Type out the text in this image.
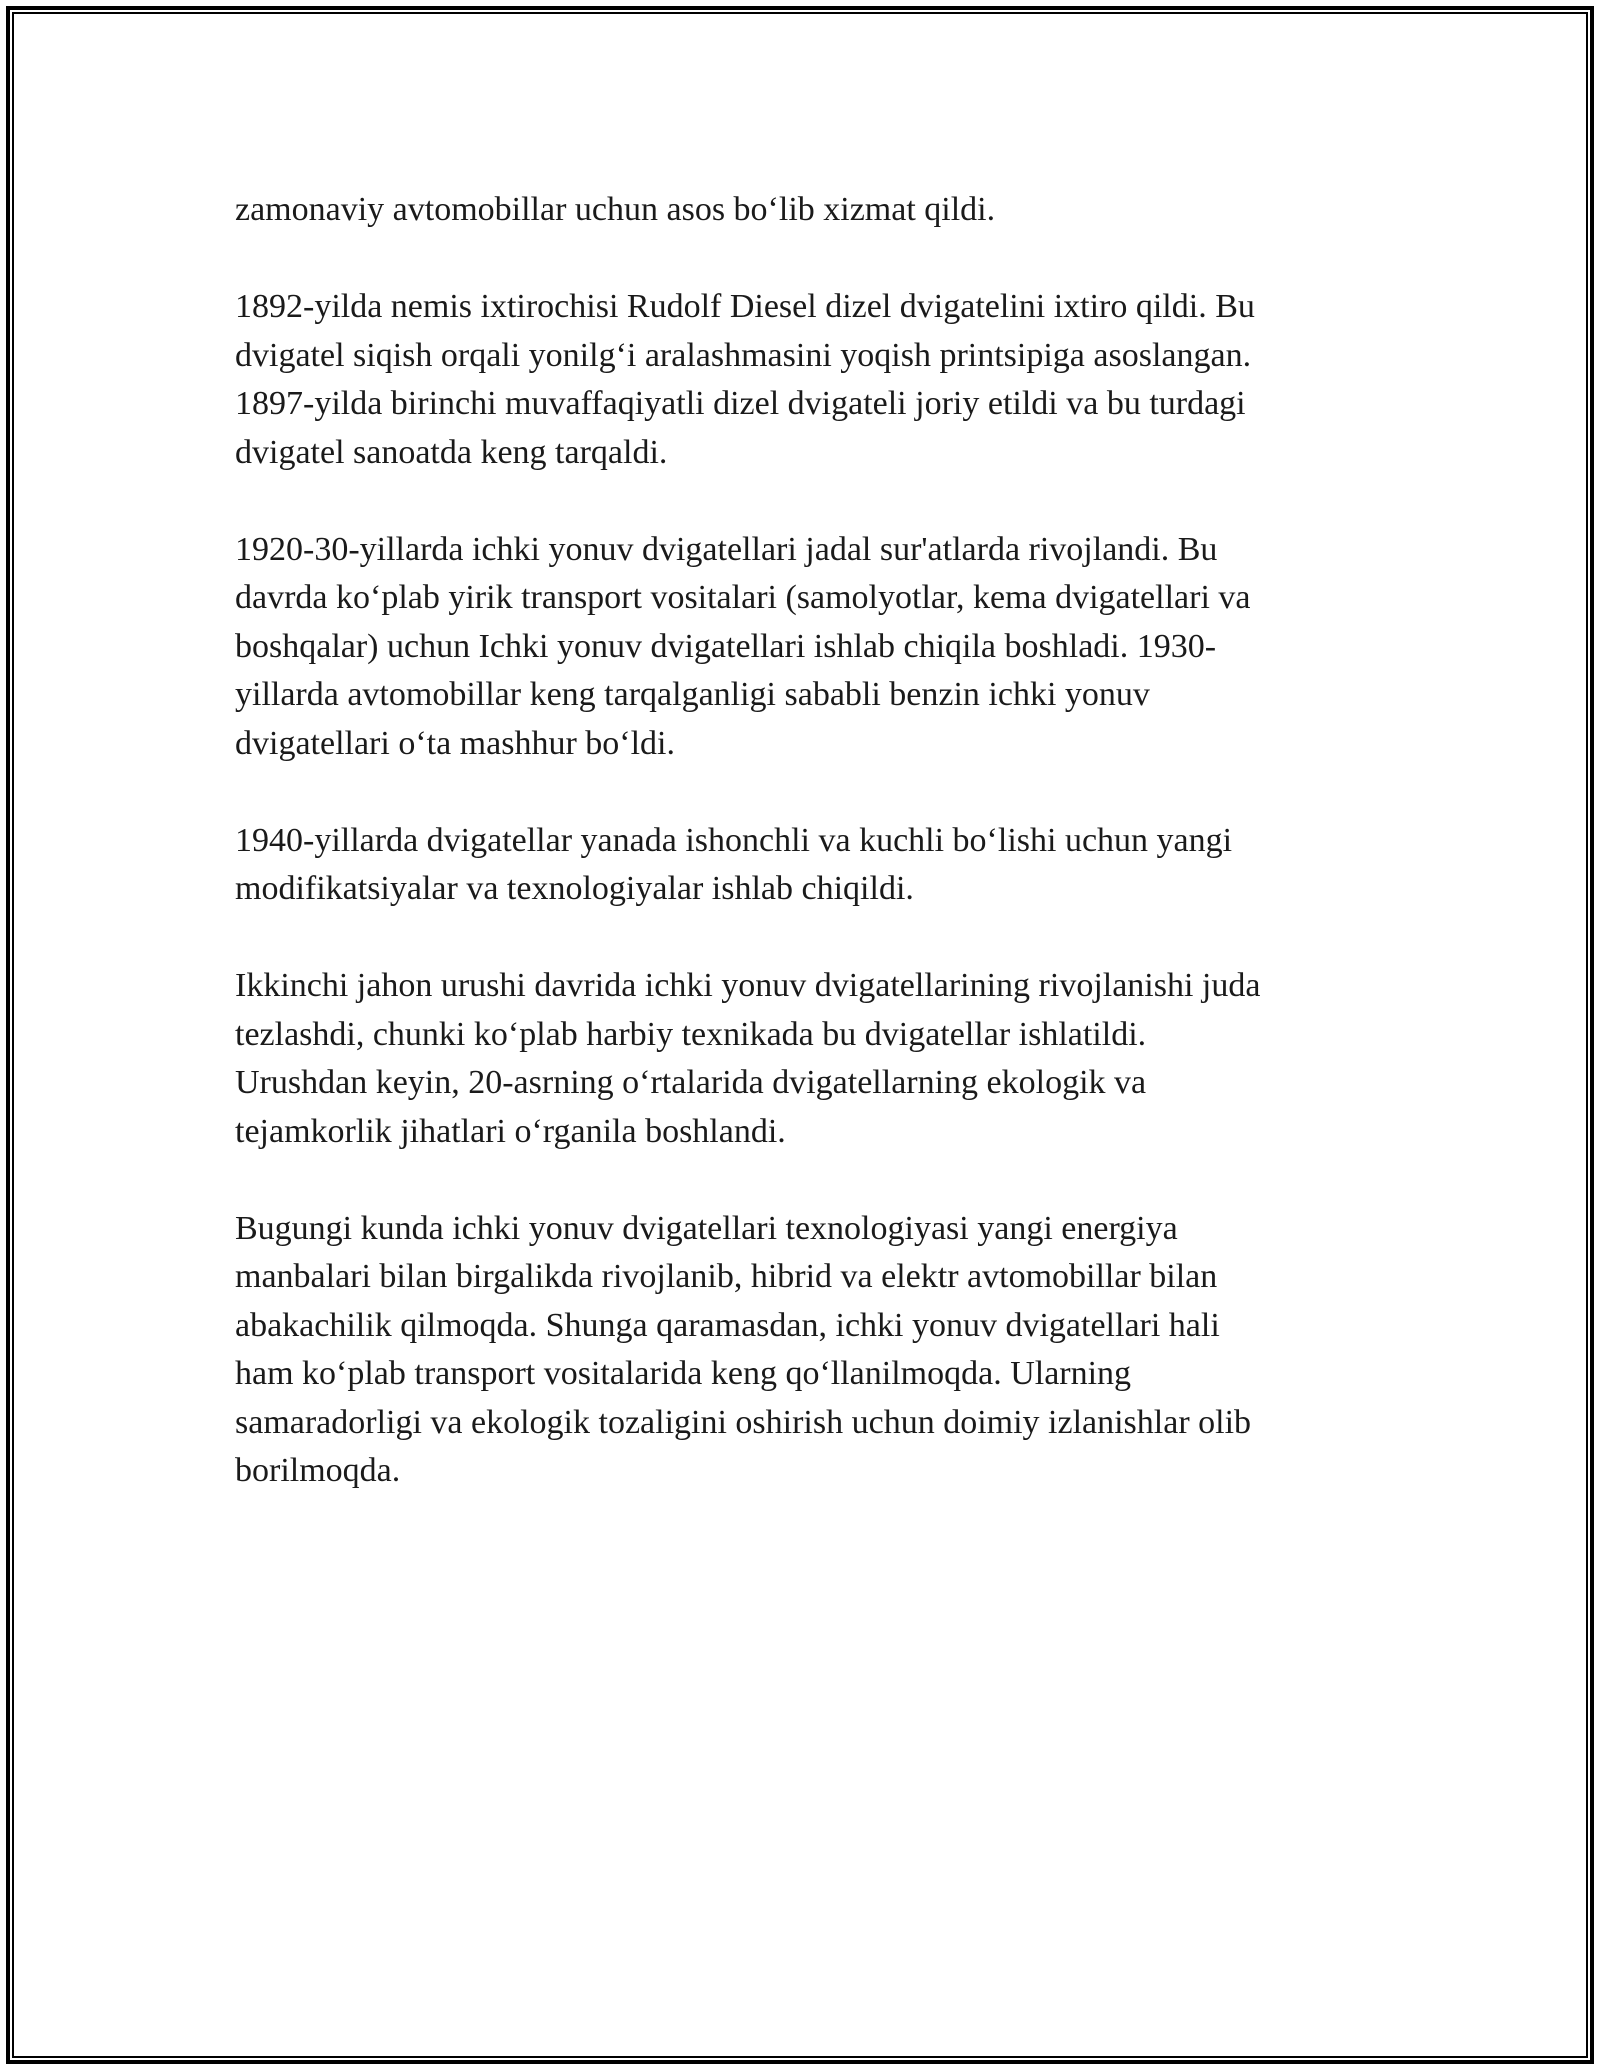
zamonaviy avtomobillar uchun asos bo‘lib xizmat qildi.

1892-yilda nemis ixtirochisi Rudolf Diesel dizel dvigatelini ixtiro qildi. Bu
dvigatel siqish orqali yonilg‘i aralashmasini yoqish printsipiga asoslangan.
1897-yilda birinchi muvaffaqiyatli dizel dvigateli joriy etildi va bu turdagi
dvigatel sanoatda keng tarqaldi.

1920-30-yillarda ichki yonuv dvigatellari jadal sur'atlarda rivojlandi. Bu
davrda ko‘plab yirik transport vositalari (samolyotlar, kema dvigatellari va
boshqalar) uchun Ichki yonuv dvigatellari ishlab chiqila boshladi. 1930-
yillarda avtomobillar keng tarqalganligi sababli benzin ichki yonuv
dvigatellari o‘ta mashhur bo‘ldi.

1940-yillarda dvigatellar yanada ishonchli va kuchli bo‘lishi uchun yangi
modifikatsiyalar va texnologiyalar ishlab chiqildi.

Ikkinchi jahon urushi davrida ichki yonuv dvigatellarining rivojlanishi juda
tezlashdi, chunki ko‘plab harbiy texnikada bu dvigatellar ishlatildi.
Urushdan keyin, 20-asrning o‘rtalarida dvigatellarning ekologik va
tejamkorlik jihatlari o‘rganila boshlandi.

Bugungi kunda ichki yonuv dvigatellari texnologiyasi yangi energiya
manbalari bilan birgalikda rivojlanib, hibrid va elektr avtomobillar bilan
abakachilik qilmoqda. Shunga qaramasdan, ichki yonuv dvigatellari hali
ham ko‘plab transport vositalarida keng qo‘llanilmoqda. Ularning
samaradorligi va ekologik tozaligini oshirish uchun doimiy izlanishlar olib
borilmoqda.
